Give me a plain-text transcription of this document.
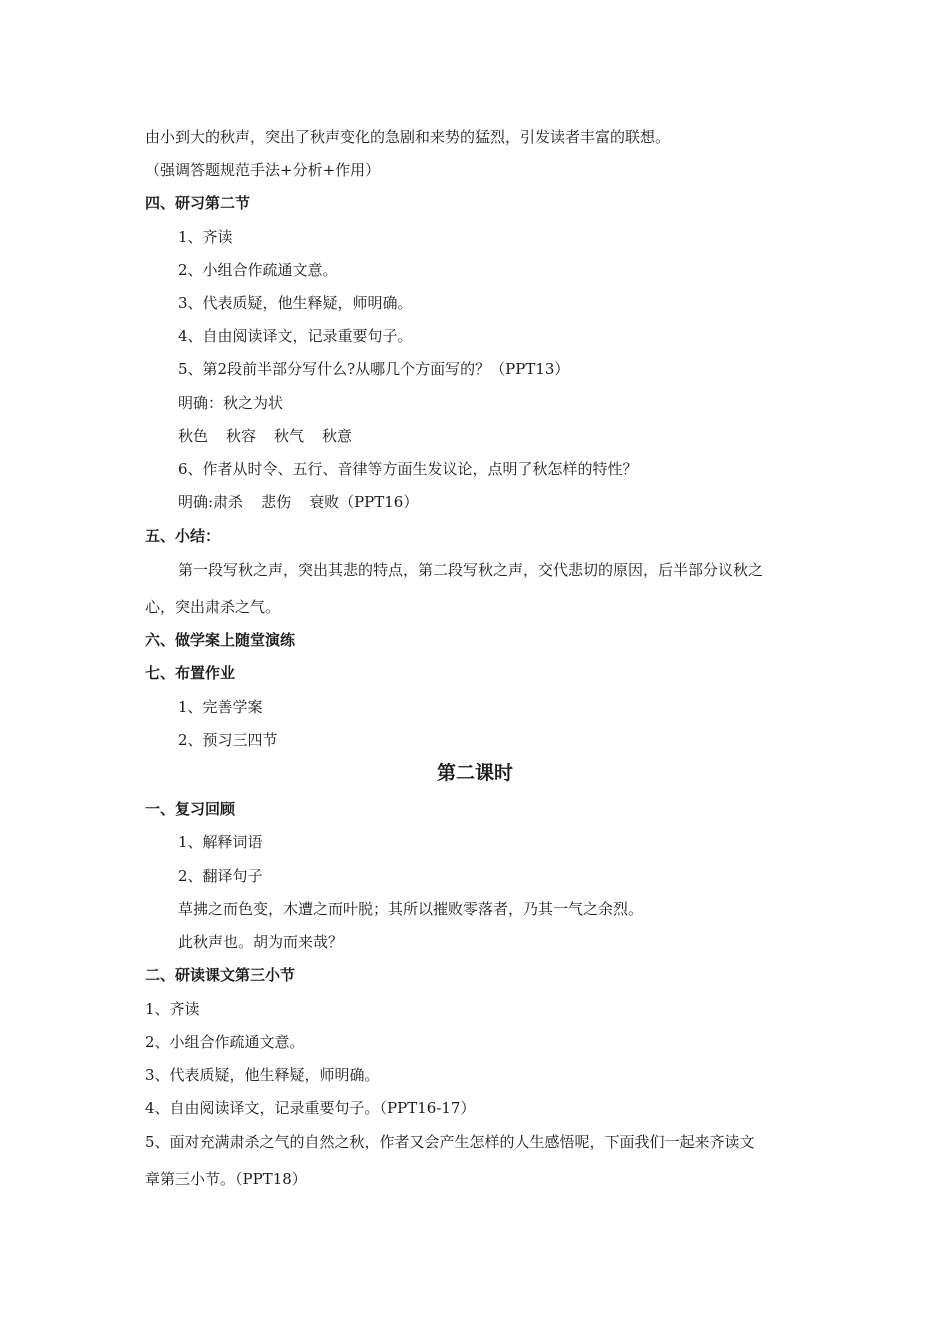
由小到大的秋声，突出了秋声变化的急剧和来势的猛烈，引发读者丰富的联想。
（强调答题规范手法+分析+作用）
四、研习第二节
1、齐读
2、小组合作疏通文意。
3、代表质疑，他生释疑，师明确。
4、自由阅读译文，记录重要句子。
5、第2段前半部分写什么?从哪几个方面写的？（PPT13）
明确：秋之为状
秋色 秋容 秋气 秋意
6、作者从时令、五行、音律等方面生发议论，点明了秋怎样的特性？
明确:肃杀 悲伤 衰败（PPT16）
五、小结：
第一段写秋之声，突出其悲的特点，第二段写秋之声，交代悲切的原因，后半部分议秋之
心，突出肃杀之气。
六、做学案上随堂演练
七、布置作业
1、完善学案
2、预习三四节
第二课时
一、复习回顾
1、解释词语
2、翻译句子
草拂之而色变，木遭之而叶脱；其所以摧败零落者，乃其一气之余烈。
此秋声也。胡为而来哉？
二、研读课文第三小节
1、齐读
2、小组合作疏通文意。
3、代表质疑，他生释疑，师明确。
4、自由阅读译文，记录重要句子。（PPT16-17）
5、面对充满肃杀之气的自然之秋，作者又会产生怎样的人生感悟呢，下面我们一起来齐读文
章第三小节。（PPT18）
